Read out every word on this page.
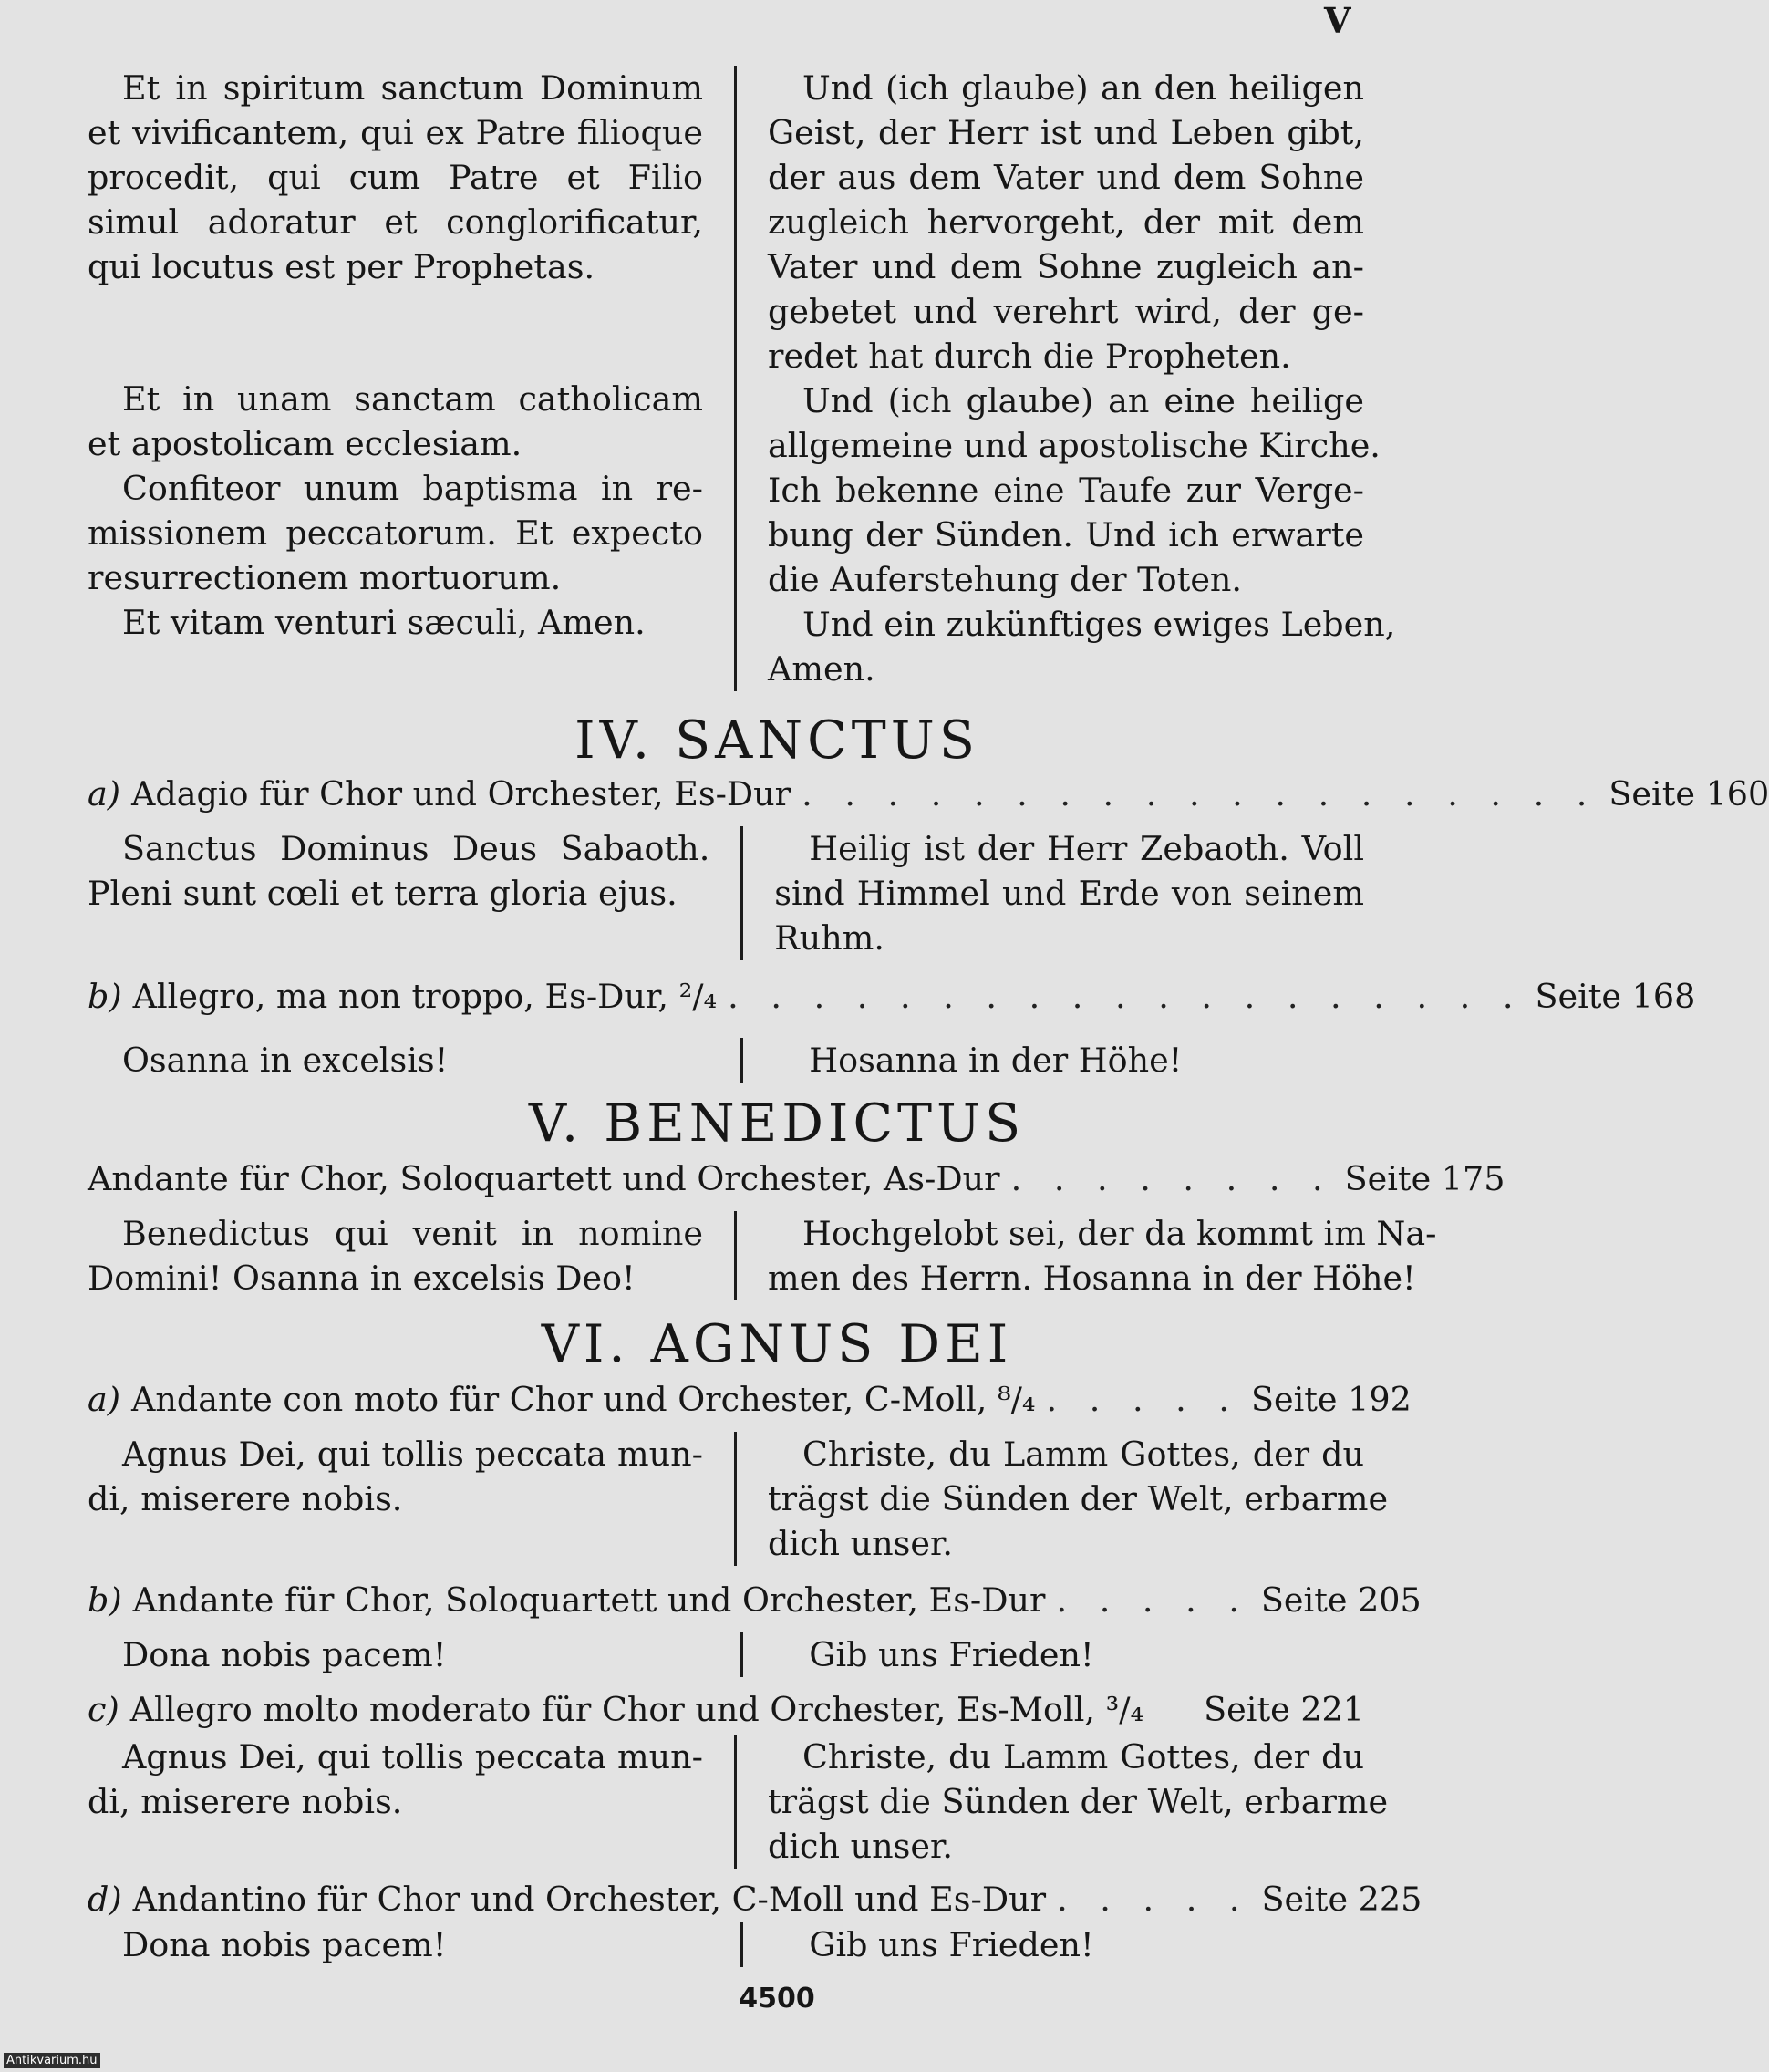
V
Et in spiritum sanctum Dominum
et vivificantem, qui ex Patre filioque
procedit, qui cum Patre et Filio
simul adoratur et conglorificatur,
qui locutus est per Prophetas.
Et in unam sanctam catholicam
et apostolicam ecclesiam.
Confiteor unum baptisma in re-
missionem peccatorum. Et expecto
resurrectionem mortuorum.
Et vitam venturi sæculi, Amen.
Und (ich glaube) an den heiligen
Geist, der Herr ist und Leben gibt,
der aus dem Vater und dem Sohne
zugleich hervorgeht, der mit dem
Vater und dem Sohne zugleich an-
gebetet und verehrt wird, der ge-
redet hat durch die Propheten.
Und (ich glaube) an eine heilige
allgemeine und apostolische Kirche.
Ich bekenne eine Taufe zur Verge-
bung der Sünden. Und ich erwarte
die Auferstehung der Toten.
Und ein zukünftiges ewiges Leben,
Amen.
IV. SANCTUS
a) Adagio für Chor und Orchester, Es-Dur . . . . . . . . . . . . . . . . . . . Seite 160
Sanctus Dominus Deus Sabaoth.
Pleni sunt cœli et terra gloria ejus.
Heilig ist der Herr Zebaoth. Voll
sind Himmel und Erde von seinem
Ruhm.
b) Allegro, ma non troppo, Es-Dur, ²/₄ . . . . . . . . . . . . . . . . . . . Seite 168
Osanna in excelsis!	Hosanna in der Höhe!
V. BENEDICTUS
Andante für Chor, Soloquartett und Orchester, As-Dur . . . . . . . . Seite 175
Benedictus qui venit in nomine
Domini! Osanna in excelsis Deo!
Hochgelobt sei, der da kommt im Na-
men des Herrn. Hosanna in der Höhe!
VI. AGNUS DEI
a) Andante con moto für Chor und Orchester, C-Moll, ⁸/₄ . . . . . Seite 192
Agnus Dei, qui tollis peccata mun-
di, miserere nobis.
Christe, du Lamm Gottes, der du
trägst die Sünden der Welt, erbarme
dich unser.
b) Andante für Chor, Soloquartett und Orchester, Es-Dur . . . . . Seite 205
Dona nobis pacem!	Gib uns Frieden!
c) Allegro molto moderato für Chor und Orchester, Es-Moll, ³/₄ Seite 221
Agnus Dei, qui tollis peccata mun-
di, miserere nobis.
Christe, du Lamm Gottes, der du
trägst die Sünden der Welt, erbarme
dich unser.
d) Andantino für Chor und Orchester, C-Moll und Es-Dur . . . . . Seite 225
Dona nobis pacem!	Gib uns Frieden!
4500
Antikvarium.hu
